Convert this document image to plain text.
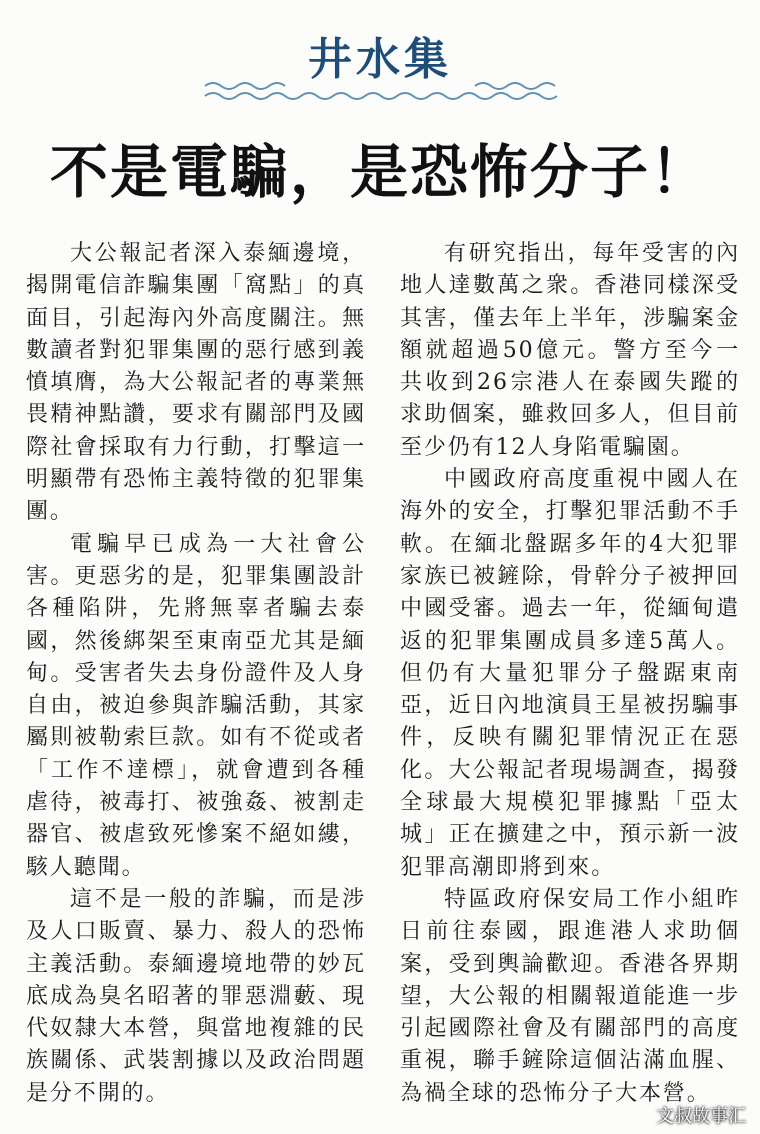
井水集
不是電騙，是恐怖分子！

大公報記者深入泰緬邊境，揭開電信詐騙集團「窩點」的真面目，引起海內外高度關注。無數讀者對犯罪集團的惡行感到義憤填膺，為大公報記者的專業無畏精神點讚，要求有關部門及國際社會採取有力行動，打擊這一明顯帶有恐怖主義特徵的犯罪集團。

電騙早已成為一大社會公害。更惡劣的是，犯罪集團設計各種陷阱，先將無辜者騙去泰國，然後綁架至東南亞尤其是緬甸。受害者失去身份證件及人身自由，被迫參與詐騙活動，其家屬則被勒索巨款。如有不從或者「工作不達標」，就會遭到各種虐待，被毒打、被強姦、被割走器官、被虐致死慘案不絕如縷，駭人聽聞。

這不是一般的詐騙，而是涉及人口販賣、暴力、殺人的恐怖主義活動。泰緬邊境地帶的妙瓦底成為臭名昭著的罪惡淵藪、現代奴隸大本營，與當地複雜的民族關係、武裝割據以及政治問題是分不開的。

有研究指出，每年受害的內地人達數萬之衆。香港同樣深受其害，僅去年上半年，涉騙案金額就超過50億元。警方至今一共收到26宗港人在泰國失蹤的求助個案，雖救回多人，但目前至少仍有12人身陷電騙園。

中國政府高度重視中國人在海外的安全，打擊犯罪活動不手軟。在緬北盤踞多年的4大犯罪家族已被鏟除，骨幹分子被押回中國受審。過去一年，從緬甸遣返的犯罪集團成員多達5萬人。但仍有大量犯罪分子盤踞東南亞，近日內地演員王星被拐騙事件，反映有關犯罪情況正在惡化。大公報記者現場調查，揭發全球最大規模犯罪據點「亞太城」正在擴建之中，預示新一波犯罪高潮即將到來。

特區政府保安局工作小組昨日前往泰國，跟進港人求助個案，受到輿論歡迎。香港各界期望，大公報的相關報道能進一步引起國際社會及有關部門的高度重視，聯手鏟除這個沾滿血腥、為禍全球的恐怖分子大本營。

文叔故事汇
